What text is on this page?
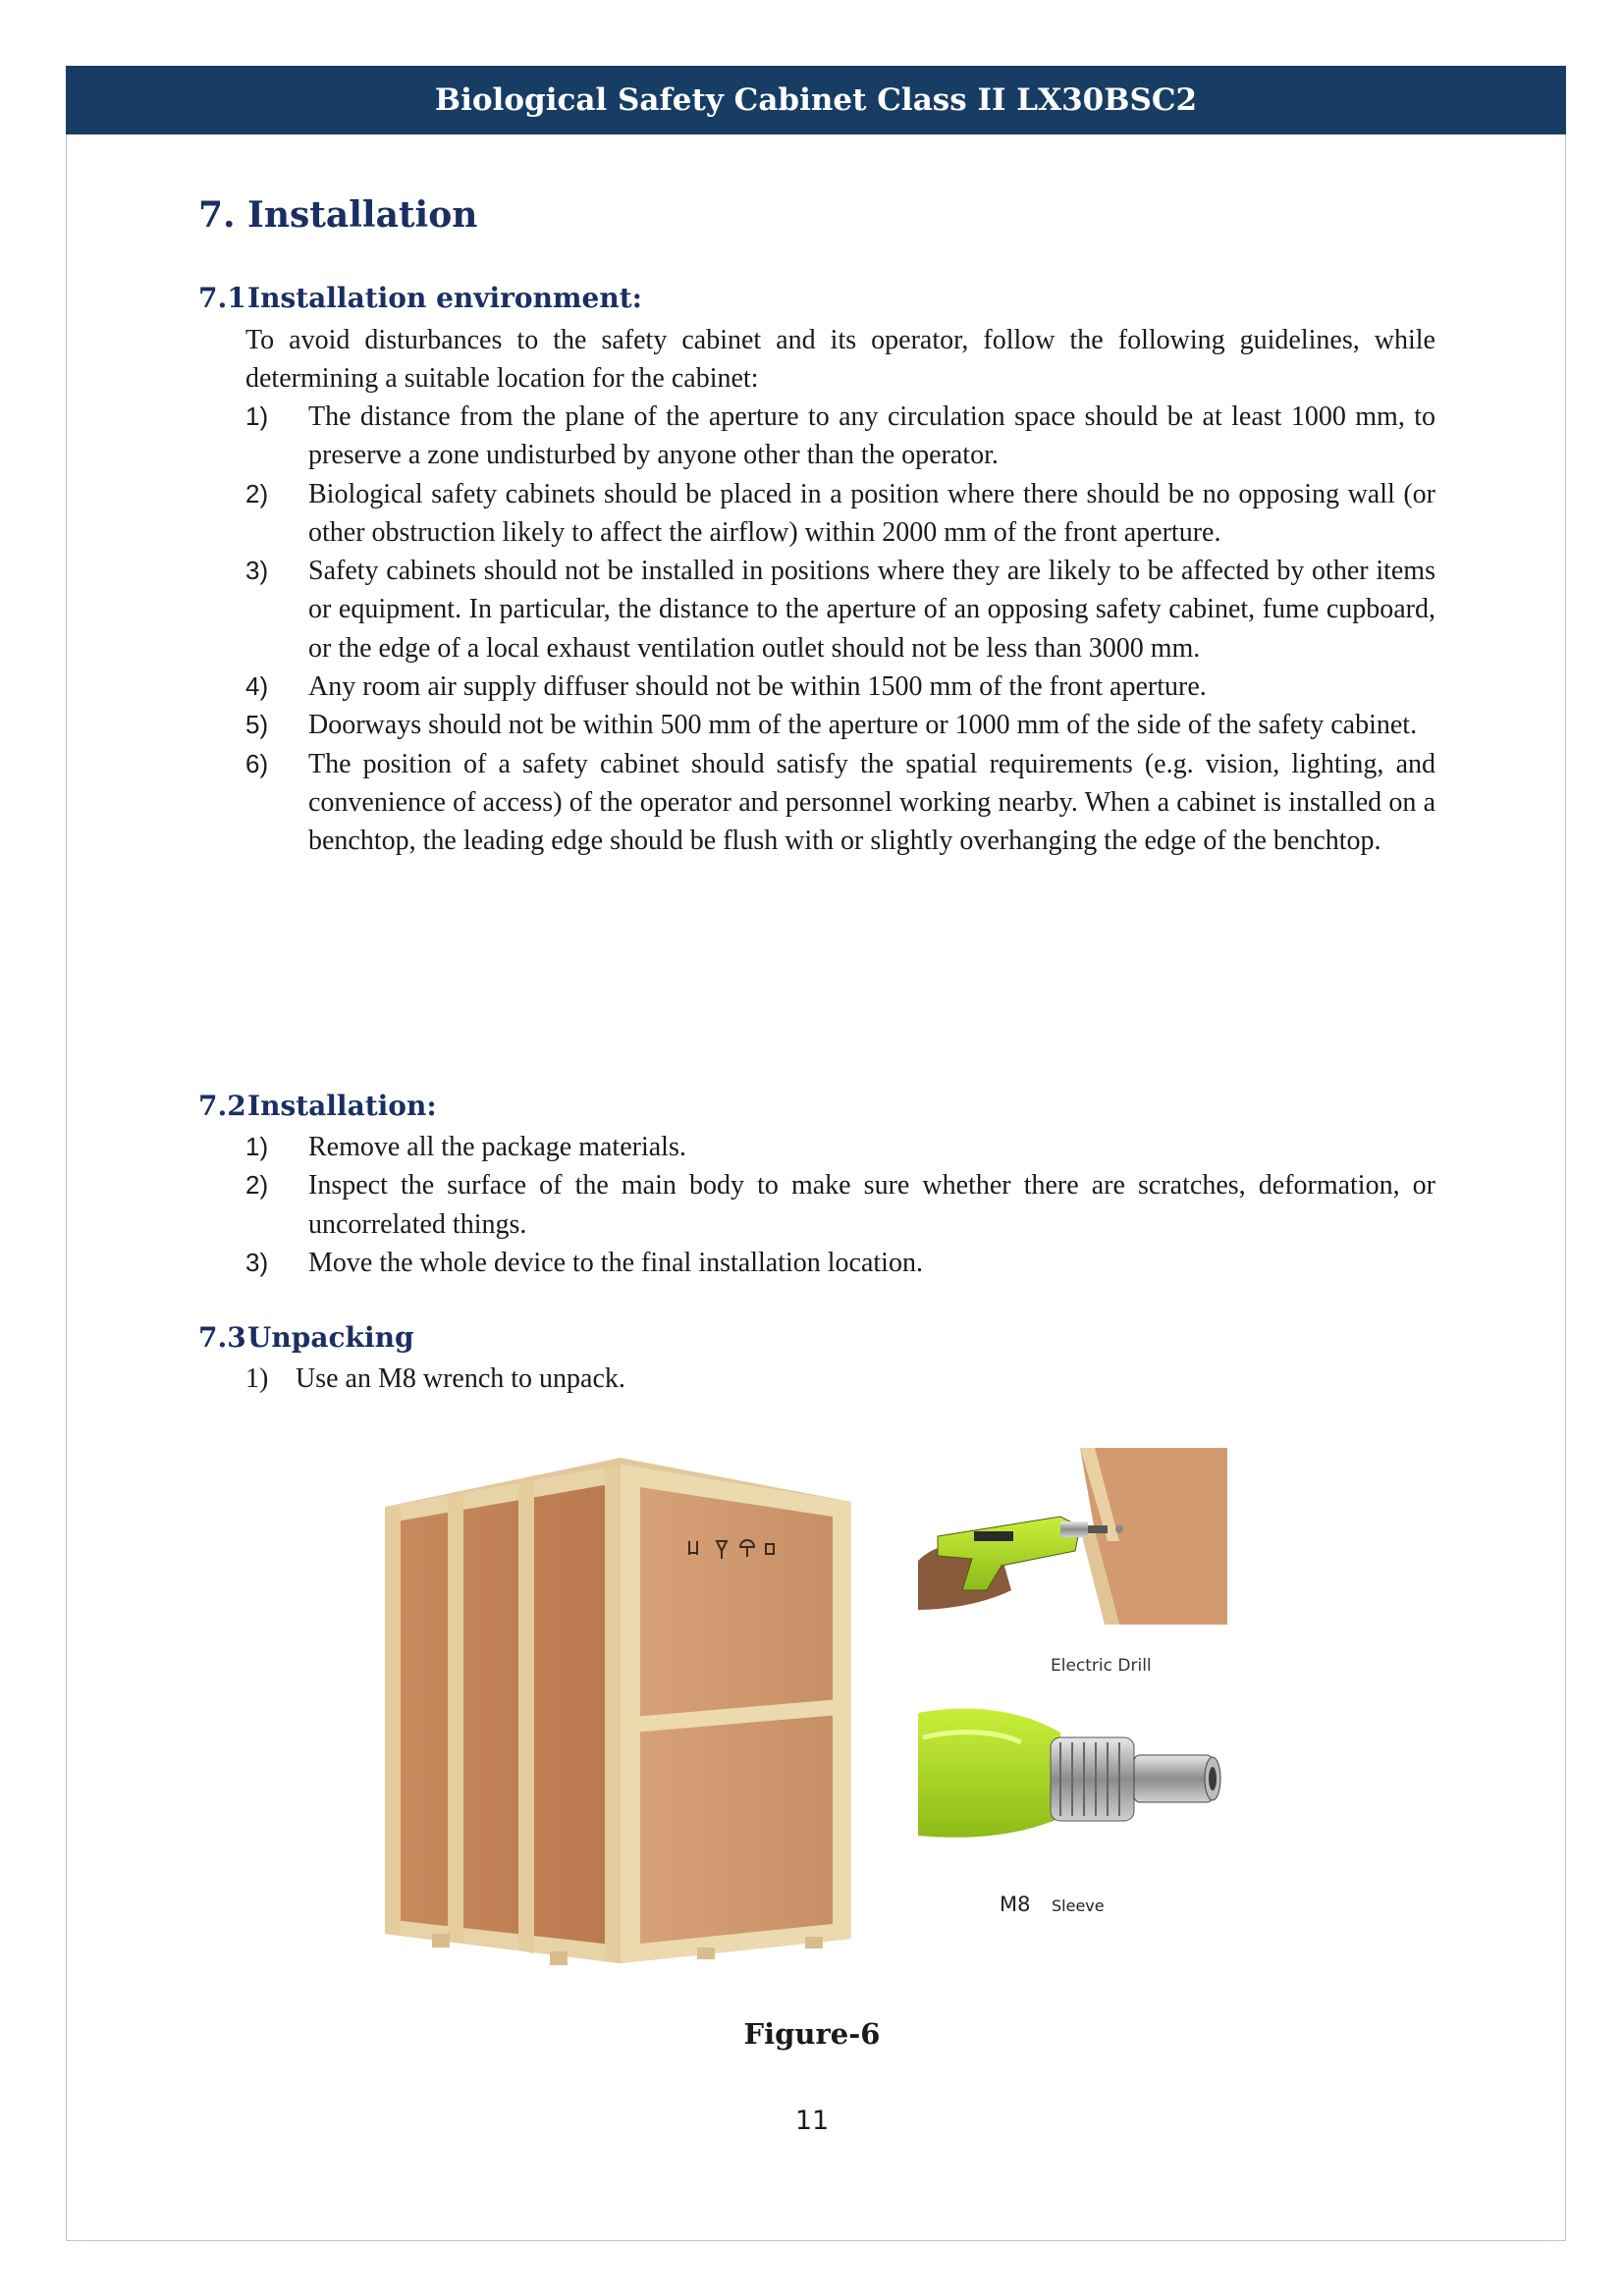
Biological Safety Cabinet Class II LX30BSC2
7. Installation
7.1Installation environment:
To avoid disturbances to the safety cabinet and its operator, follow the following guidelines, while determining a suitable location for the cabinet:
1) The distance from the plane of the aperture to any circulation space should be at least 1000 mm, to preserve a zone undisturbed by anyone other than the operator.
2) Biological safety cabinets should be placed in a position where there should be no opposing wall (or other obstruction likely to affect the airflow) within 2000 mm of the front aperture.
3) Safety cabinets should not be installed in positions where they are likely to be affected by other items or equipment. In particular, the distance to the aperture of an opposing safety cabinet, fume cupboard, or the edge of a local exhaust ventilation outlet should not be less than 3000 mm.
4) Any room air supply diffuser should not be within 1500 mm of the front aperture.
5) Doorways should not be within 500 mm of the aperture or 1000 mm of the side of the safety cabinet.
6) The position of a safety cabinet should satisfy the spatial requirements (e.g. vision, lighting, and convenience of access) of the operator and personnel working nearby. When a cabinet is installed on a benchtop, the leading edge should be flush with or slightly overhanging the edge of the benchtop.
7.2Installation:
1) Remove all the package materials.
2) Inspect the surface of the main body to make sure whether there are scratches, deformation, or uncorrelated things.
3) Move the whole device to the final installation location.
7.3Unpacking
1) Use an M8 wrench to unpack.
Electric Drill
M8 Sleeve
Figure-6
11
